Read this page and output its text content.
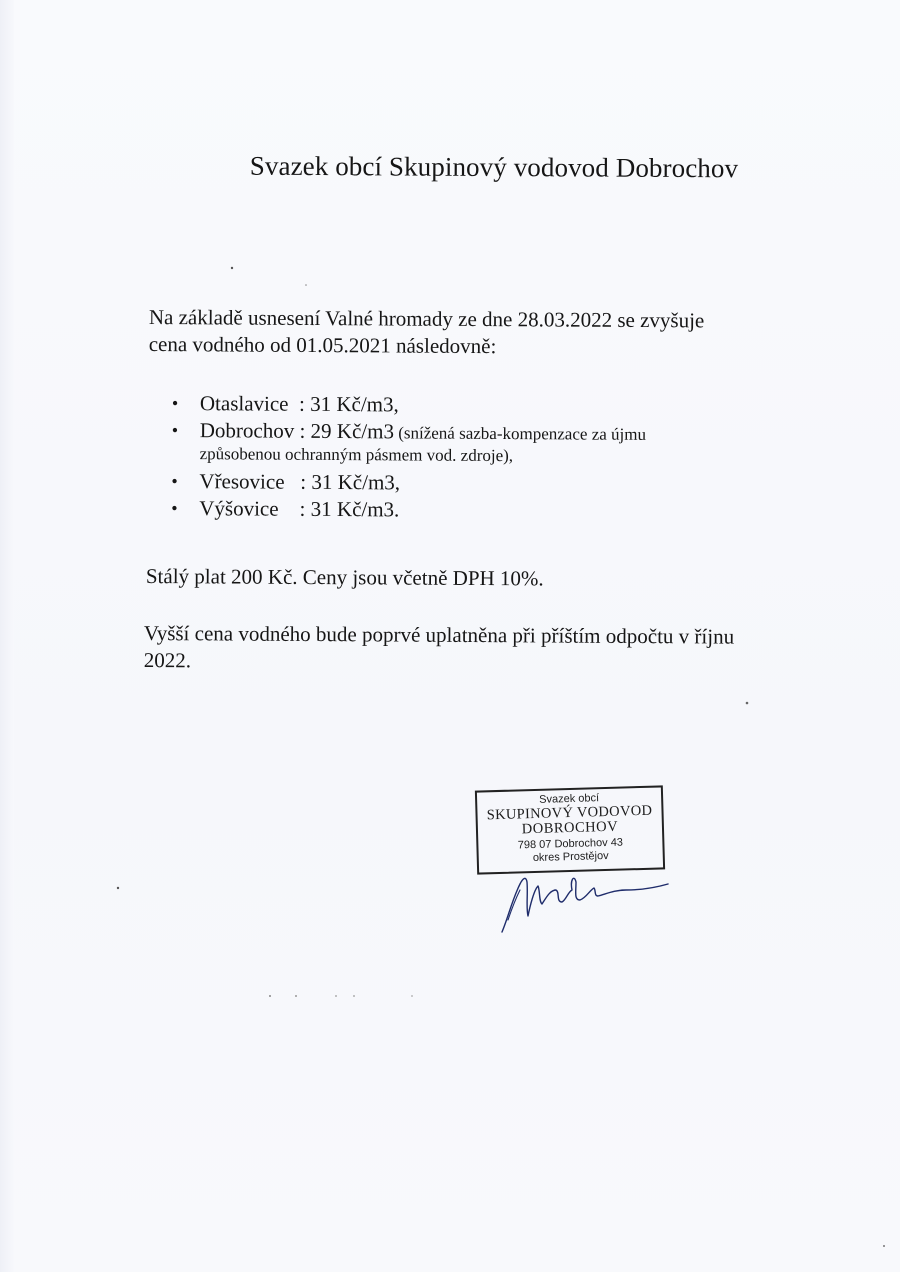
Svazek obcí Skupinový vodovod Dobrochov
Na základě usnesení Valné hromady ze dne 28.03.2022 se zvyšuje
cena vodného od 01.05.2021 následovně:
• Otaslavice  : 31 Kč/m3,
• Dobrochov : 29 Kč/m3 (snížená sazba-kompenzace za újmu
způsobenou ochranným pásmem vod. zdroje),
• Vřesovice   : 31 Kč/m3,
• Výšovice    : 31 Kč/m3.
Stálý plat 200 Kč. Ceny jsou včetně DPH 10%.
Vyšší cena vodného bude poprvé uplatněna při příštím odpočtu v říjnu
2022.
Svazek obcí
SKUPINOVÝ VODOVOD
DOBROCHOV
798 07 Dobrochov 43
okres Prostějov
